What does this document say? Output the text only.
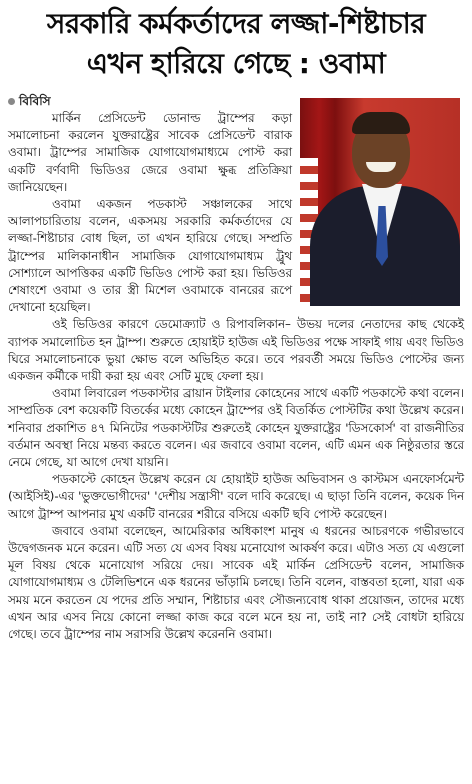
সরকারি কর্মকর্তাদের লজ্জা-শিষ্টাচার
এখন হারিয়ে গেছে : ওবামা

বিবিসি

মার্কিন প্রেসিডেন্ট ডোনাল্ড ট্রাম্পের কড়া সমালোচনা করলেন যুক্তরাষ্ট্রের সাবেক প্রেসিডেন্ট বারাক ওবামা। ট্রাম্পের সামাজিক যোগাযোগমাধ্যমে পোস্ট করা একটি বর্ণবাদী ভিডিওর জেরে ওবামা ক্ষুব্ধ প্রতিক্রিয়া জানিয়েছেন।

ওবামা একজন পডকাস্ট সঞ্চালকের সাথে আলাপচারিতায় বলেন, একসময় সরকারি কর্মকর্তাদের যে লজ্জা-শিষ্টাচার বোধ ছিল, তা এখন হারিয়ে গেছে। সম্প্রতি ট্রাম্পের মালিকানাধীন সামাজিক যোগাযোগমাধ্যম ট্রুথ সোশ্যালে আপত্তিকর একটি ভিডিও পোস্ট করা হয়। ভিডিওর শেষাংশে ওবামা ও তার স্ত্রী মিশেল ওবামাকে বানরের রূপে দেখানো হয়েছিল।

ওই ভিডিওর কারণে ডেমোক্র্যাট ও রিপাবলিকান– উভয় দলের নেতাদের কাছ থেকেই ব্যাপক সমালোচিত হন ট্রাম্প। শুরুতে হোয়াইট হাউজ এই ভিডিওর পক্ষে সাফাই গায় এবং ভিডিও ঘিরে সমালোচনাকে ভুয়া ক্ষোভ বলে অভিহিত করে। তবে পরবর্তী সময়ে ভিডিও পোস্টের জন্য একজন কর্মীকে দায়ী করা হয় এবং সেটি মুছে ফেলা হয়।

ওবামা লিবারেল পডকাস্টার ব্রায়ান টাইলার কোহেনের সাথে একটি পডকাস্টে কথা বলেন। সাম্প্রতিক বেশ কয়েকটি বিতর্কের মধ্যে কোহেন ট্রাম্পের ওই বিতর্কিত পোস্টটির কথা উল্লেখ করেন। শনিবার প্রকাশিত ৪৭ মিনিটের পডকাস্টটির শুরুতেই কোহেন যুক্তরাষ্ট্রের 'ডিসকোর্স' বা রাজনীতির বর্তমান অবস্থা নিয়ে মন্তব্য করতে বলেন। এর জবাবে ওবামা বলেন, এটি এমন এক নিষ্ঠুরতার স্তরে নেমে গেছে, যা আগে দেখা যায়নি।

পডকাস্টে কোহেন উল্লেখ করেন যে হোয়াইট হাউজ অভিবাসন ও কাস্টমস এনফোর্সমেন্ট (আইসিই)-এর 'ভুক্তভোগীদের' 'দেশীয় সন্ত্রাসী' বলে দাবি করেছে। এ ছাড়া তিনি বলেন, কয়েক দিন আগে ট্রাম্প আপনার মুখ একটি বানরের শরীরে বসিয়ে একটি ছবি পোস্ট করেছেন।

জবাবে ওবামা বলেছেন, আমেরিকার অধিকাংশ মানুষ এ ধরনের আচরণকে গভীরভাবে উদ্বেগজনক মনে করেন। এটি সত্য যে এসব বিষয় মনোযোগ আকর্ষণ করে। এটাও সত্য যে এগুলো মূল বিষয় থেকে মনোযোগ সরিয়ে দেয়। সাবেক এই মার্কিন প্রেসিডেন্ট বলেন, সামাজিক যোগাযোগমাধ্যম ও টেলিভিশনে এক ধরনের ভাঁড়ামি চলছে। তিনি বলেন, বাস্তবতা হলো, যারা এক সময় মনে করতেন যে পদের প্রতি সম্মান, শিষ্টাচার এবং সৌজন্যবোধ থাকা প্রয়োজন, তাদের মধ্যে এখন আর এসব নিয়ে কোনো লজ্জা কাজ করে বলে মনে হয় না, তাই না? সেই বোধটা হারিয়ে গেছে। তবে ট্রাম্পের নাম সরাসরি উল্লেখ করেননি ওবামা।
